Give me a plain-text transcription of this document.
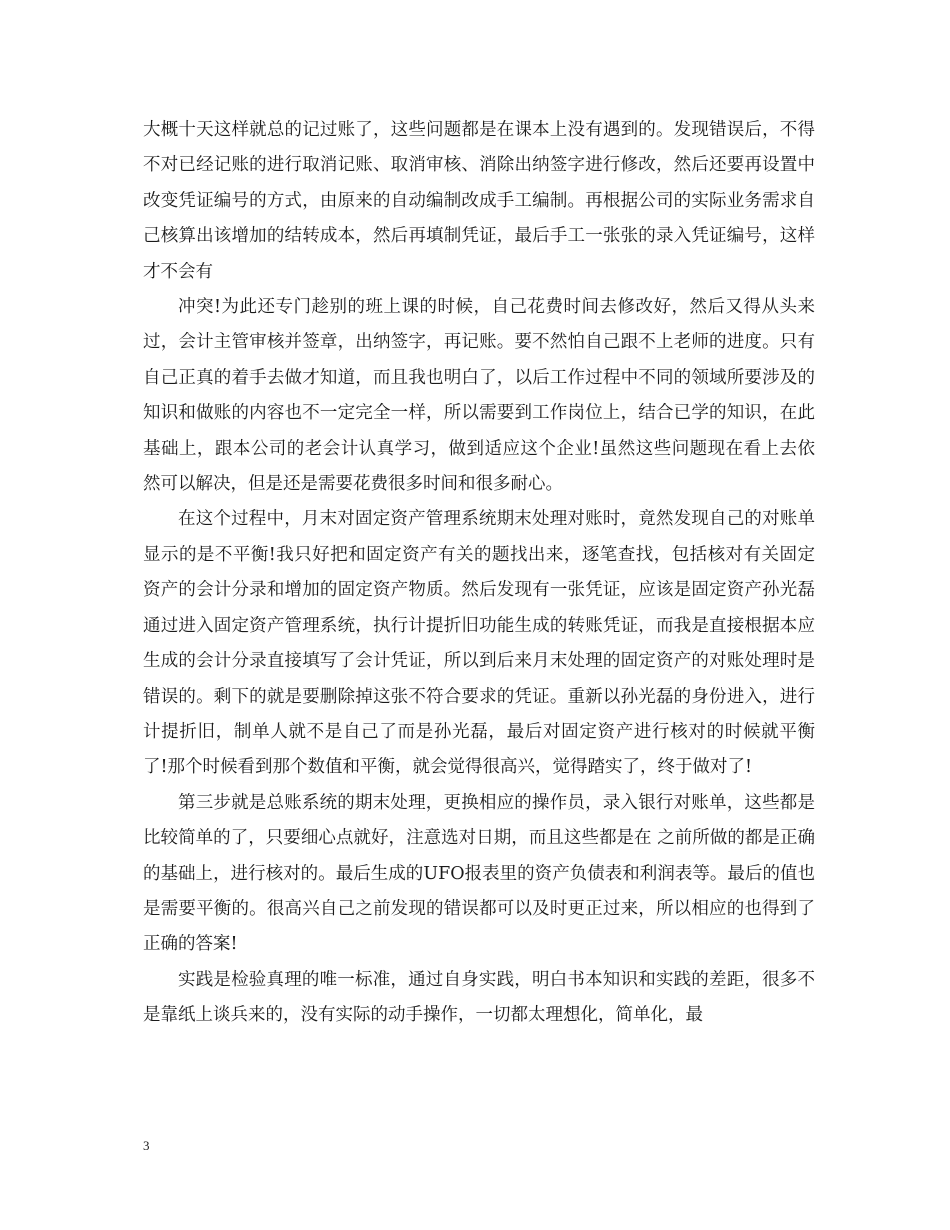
大概十天这样就总的记过账了，这些问题都是在课本上没有遇到的。发现错误后，不得不对已经记账的进行取消记账、取消审核、消除出纳签字进行修改，然后还要再设置中改变凭证编号的方式，由原来的自动编制改成手工编制。再根据公司的实际业务需求自己核算出该增加的结转成本，然后再填制凭证，最后手工一张张的录入凭证编号，这样才不会有

冲突!为此还专门趁别的班上课的时候，自己花费时间去修改好，然后又得从头来过，会计主管审核并签章，出纳签字，再记账。要不然怕自己跟不上老师的进度。只有自己正真的着手去做才知道，而且我也明白了，以后工作过程中不同的领域所要涉及的知识和做账的内容也不一定完全一样，所以需要到工作岗位上，结合已学的知识，在此基础上，跟本公司的老会计认真学习，做到适应这个企业!虽然这些问题现在看上去依然可以解决，但是还是需要花费很多时间和很多耐心。

在这个过程中，月末对固定资产管理系统期末处理对账时，竟然发现自己的对账单显示的是不平衡!我只好把和固定资产有关的题找出来，逐笔查找，包括核对有关固定资产的会计分录和增加的固定资产物质。然后发现有一张凭证，应该是固定资产孙光磊通过进入固定资产管理系统，执行计提折旧功能生成的转账凭证，而我是直接根据本应生成的会计分录直接填写了会计凭证，所以到后来月末处理的固定资产的对账处理时是错误的。剩下的就是要删除掉这张不符合要求的凭证。重新以孙光磊的身份进入，进行计提折旧，制单人就不是自己了而是孙光磊，最后对固定资产进行核对的时候就平衡了!那个时候看到那个数值和平衡，就会觉得很高兴，觉得踏实了，终于做对了!

第三步就是总账系统的期末处理，更换相应的操作员，录入银行对账单，这些都是比较简单的了，只要细心点就好，注意选对日期，而且这些都是在 之前所做的都是正确的基础上，进行核对的。最后生成的UFO报表里的资产负债表和利润表等。最后的值也是需要平衡的。很高兴自己之前发现的错误都可以及时更正过来，所以相应的也得到了正确的答案!

实践是检验真理的唯一标准，通过自身实践，明白书本知识和实践的差距，很多不是靠纸上谈兵来的，没有实际的动手操作，一切都太理想化，简单化，最

3
